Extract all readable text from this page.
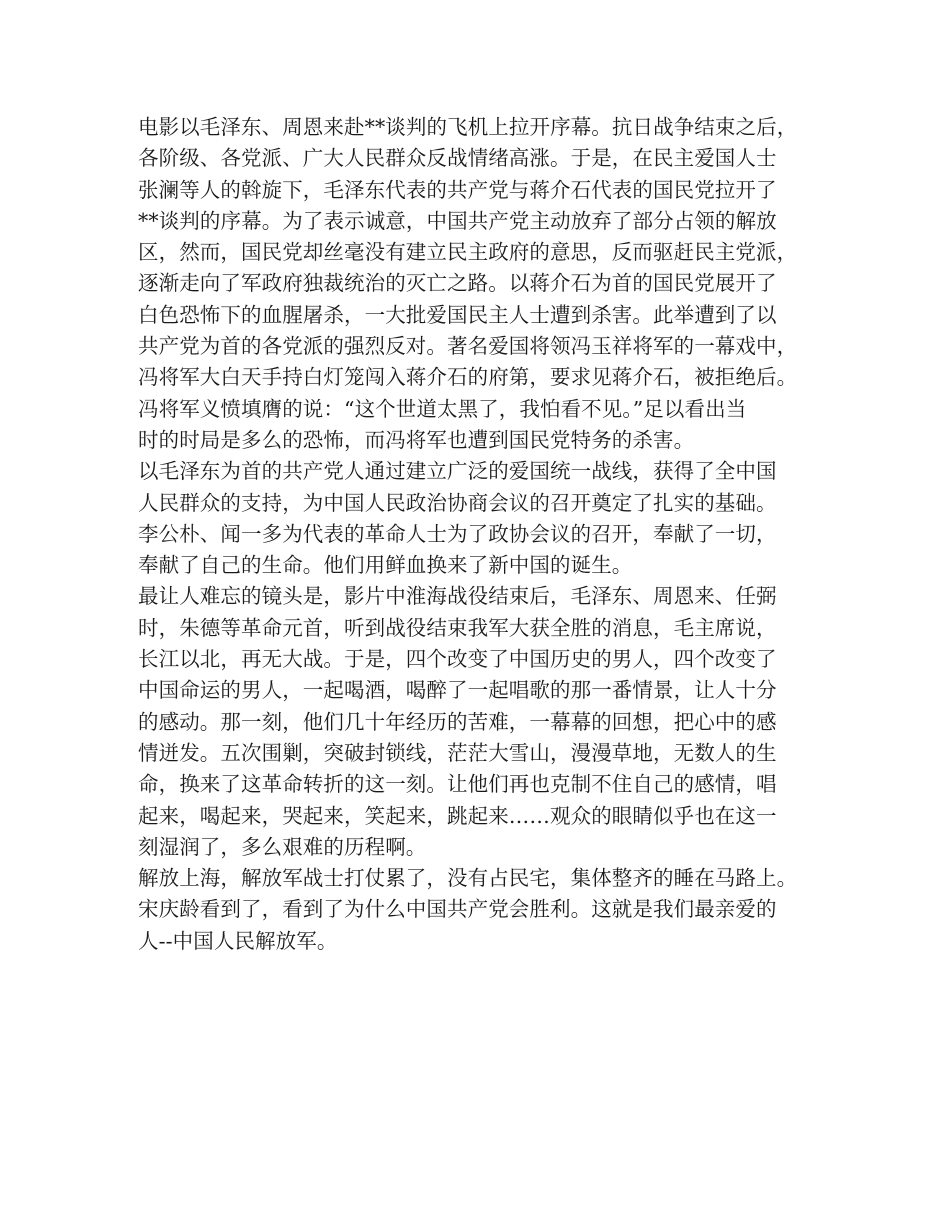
电影以毛泽东、周恩来赴**谈判的飞机上拉开序幕。抗日战争结束之后，
各阶级、各党派、广大人民群众反战情绪高涨。于是，在民主爱国人士
张澜等人的斡旋下，毛泽东代表的共产党与蒋介石代表的国民党拉开了
**谈判的序幕。为了表示诚意，中国共产党主动放弃了部分占领的解放
区，然而，国民党却丝毫没有建立民主政府的意思，反而驱赶民主党派，
逐渐走向了军政府独裁统治的灭亡之路。以蒋介石为首的国民党展开了
白色恐怖下的血腥屠杀，一大批爱国民主人士遭到杀害。此举遭到了以
共产党为首的各党派的强烈反对。著名爱国将领冯玉祥将军的一幕戏中，
冯将军大白天手持白灯笼闯入蒋介石的府第，要求见蒋介石，被拒绝后。
冯将军义愤填膺的说：“这个世道太黑了，我怕看不见。”足以看出当
时的时局是多么的恐怖，而冯将军也遭到国民党特务的杀害。
以毛泽东为首的共产党人通过建立广泛的爱国统一战线，获得了全中国
人民群众的支持，为中国人民政治协商会议的召开奠定了扎实的基础。
李公朴、闻一多为代表的革命人士为了政协会议的召开，奉献了一切，
奉献了自己的生命。他们用鲜血换来了新中国的诞生。
最让人难忘的镜头是，影片中淮海战役结束后，毛泽东、周恩来、任弼
时，朱德等革命元首，听到战役结束我军大获全胜的消息，毛主席说，
长江以北，再无大战。于是，四个改变了中国历史的男人，四个改变了
中国命运的男人，一起喝酒，喝醉了一起唱歌的那一番情景，让人十分
的感动。那一刻，他们几十年经历的苦难，一幕幕的回想，把心中的感
情迸发。五次围剿，突破封锁线，茫茫大雪山，漫漫草地，无数人的生
命，换来了这革命转折的这一刻。让他们再也克制不住自己的感情，唱
起来，喝起来，哭起来，笑起来，跳起来……观众的眼睛似乎也在这一
刻湿润了，多么艰难的历程啊。
解放上海，解放军战士打仗累了，没有占民宅，集体整齐的睡在马路上。
宋庆龄看到了，看到了为什么中国共产党会胜利。这就是我们最亲爱的
人--中国人民解放军。
